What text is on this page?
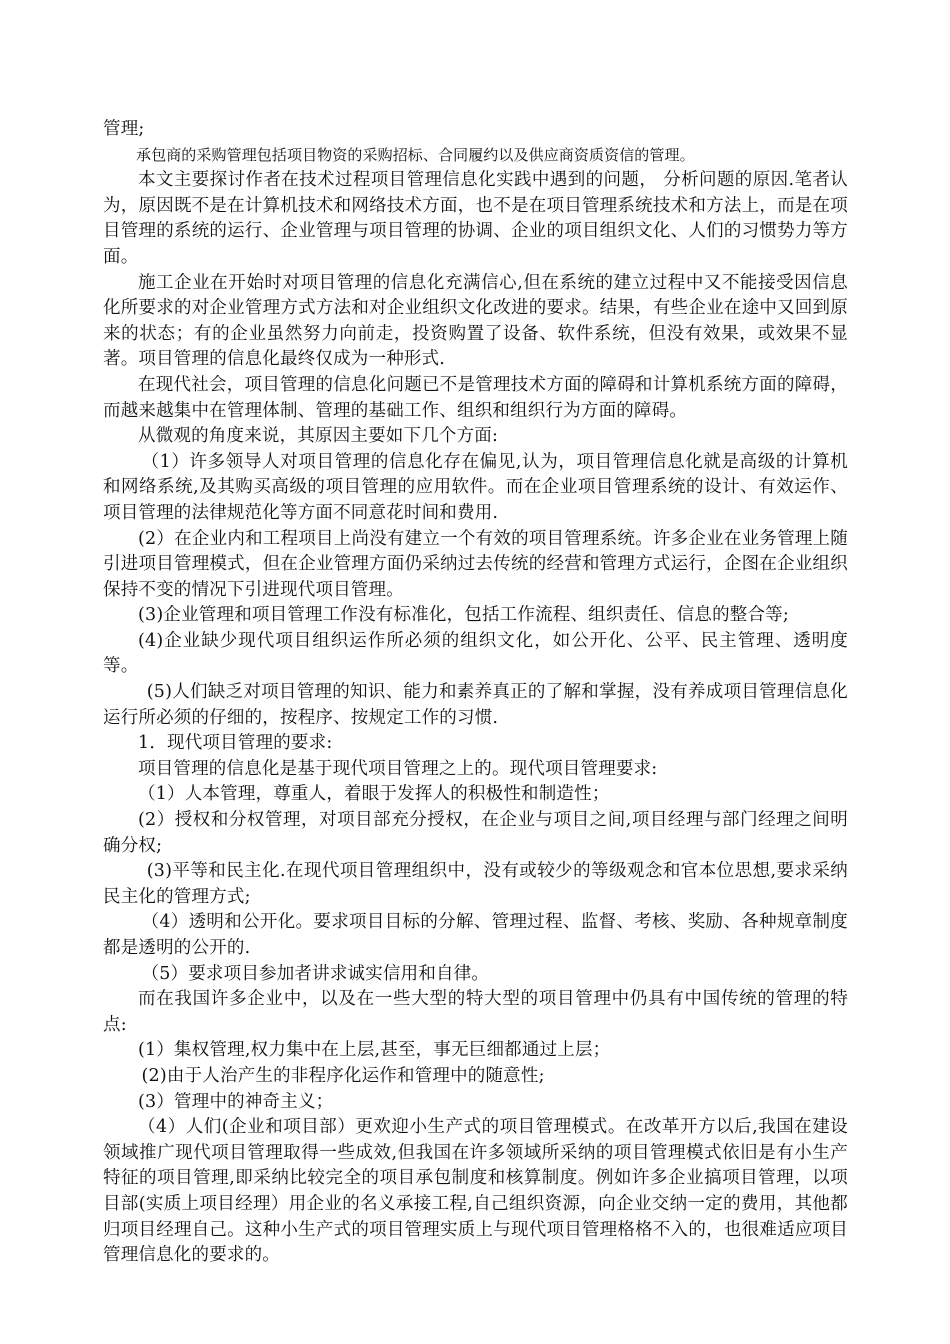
管理;

承包商的采购管理包括项目物资的采购招标、合同履约以及供应商资质资信的管理。

本文主要探讨作者在技术过程项目管理信息化实践中遇到的问题， 分析问题的原因.笔者认为，原因既不是在计算机技术和网络技术方面，也不是在项目管理系统技术和方法上，而是在项目管理的系统的运行、企业管理与项目管理的协调、企业的项目组织文化、人们的习惯势力等方面。

施工企业在开始时对项目管理的信息化充满信心,但在系统的建立过程中又不能接受因信息化所要求的对企业管理方式方法和对企业组织文化改进的要求。结果，有些企业在途中又回到原来的状态；有的企业虽然努力向前走，投资购置了设备、软件系统，但没有效果，或效果不显著。项目管理的信息化最终仅成为一种形式.

在现代社会，项目管理的信息化问题已不是管理技术方面的障碍和计算机系统方面的障碍，而越来越集中在管理体制、管理的基础工作、组织和组织行为方面的障碍。

从微观的角度来说，其原因主要如下几个方面:

（1）许多领导人对项目管理的信息化存在偏见,认为，项目管理信息化就是高级的计算机和网络系统,及其购买高级的项目管理的应用软件。而在企业项目管理系统的设计、有效运作、项目管理的法律规范化等方面不同意花时间和费用.

(2）在企业内和工程项目上尚没有建立一个有效的项目管理系统。许多企业在业务管理上随引进项目管理模式，但在企业管理方面仍采纳过去传统的经营和管理方式运行，企图在企业组织保持不变的情况下引进现代项目管理。

(3)企业管理和项目管理工作没有标准化，包括工作流程、组织责任、信息的整合等;

(4)企业缺少现代项目组织运作所必须的组织文化，如公开化、公平、民主管理、透明度等。

(5)人们缺乏对项目管理的知识、能力和素养真正的了解和掌握，没有养成项目管理信息化运行所必须的仔细的，按程序、按规定工作的习惯.

1．现代项目管理的要求:

项目管理的信息化是基于现代项目管理之上的。现代项目管理要求:

（1）人本管理，尊重人，着眼于发挥人的积极性和制造性；

(2）授权和分权管理，对项目部充分授权，在企业与项目之间,项目经理与部门经理之间明确分权;

(3)平等和民主化.在现代项目管理组织中，没有或较少的等级观念和官本位思想,要求采纳民主化的管理方式;

（4）透明和公开化。要求项目目标的分解、管理过程、监督、考核、奖励、各种规章制度都是透明的公开的.

（5）要求项目参加者讲求诚实信用和自律。

而在我国许多企业中，以及在一些大型的特大型的项目管理中仍具有中国传统的管理的特点:

(1）集权管理,权力集中在上层,甚至，事无巨细都通过上层；

(2)由于人治产生的非程序化运作和管理中的随意性;

(3）管理中的神奇主义；

（4）人们(企业和项目部）更欢迎小生产式的项目管理模式。在改革开方以后,我国在建设领域推广现代项目管理取得一些成效,但我国在许多领域所采纳的项目管理模式依旧是有小生产特征的项目管理,即采纳比较完全的项目承包制度和核算制度。例如许多企业搞项目管理，以项目部(实质上项目经理）用企业的名义承接工程,自己组织资源，向企业交纳一定的费用，其他都归项目经理自己。这种小生产式的项目管理实质上与现代项目管理格格不入的，也很难适应项目管理信息化的要求的。
